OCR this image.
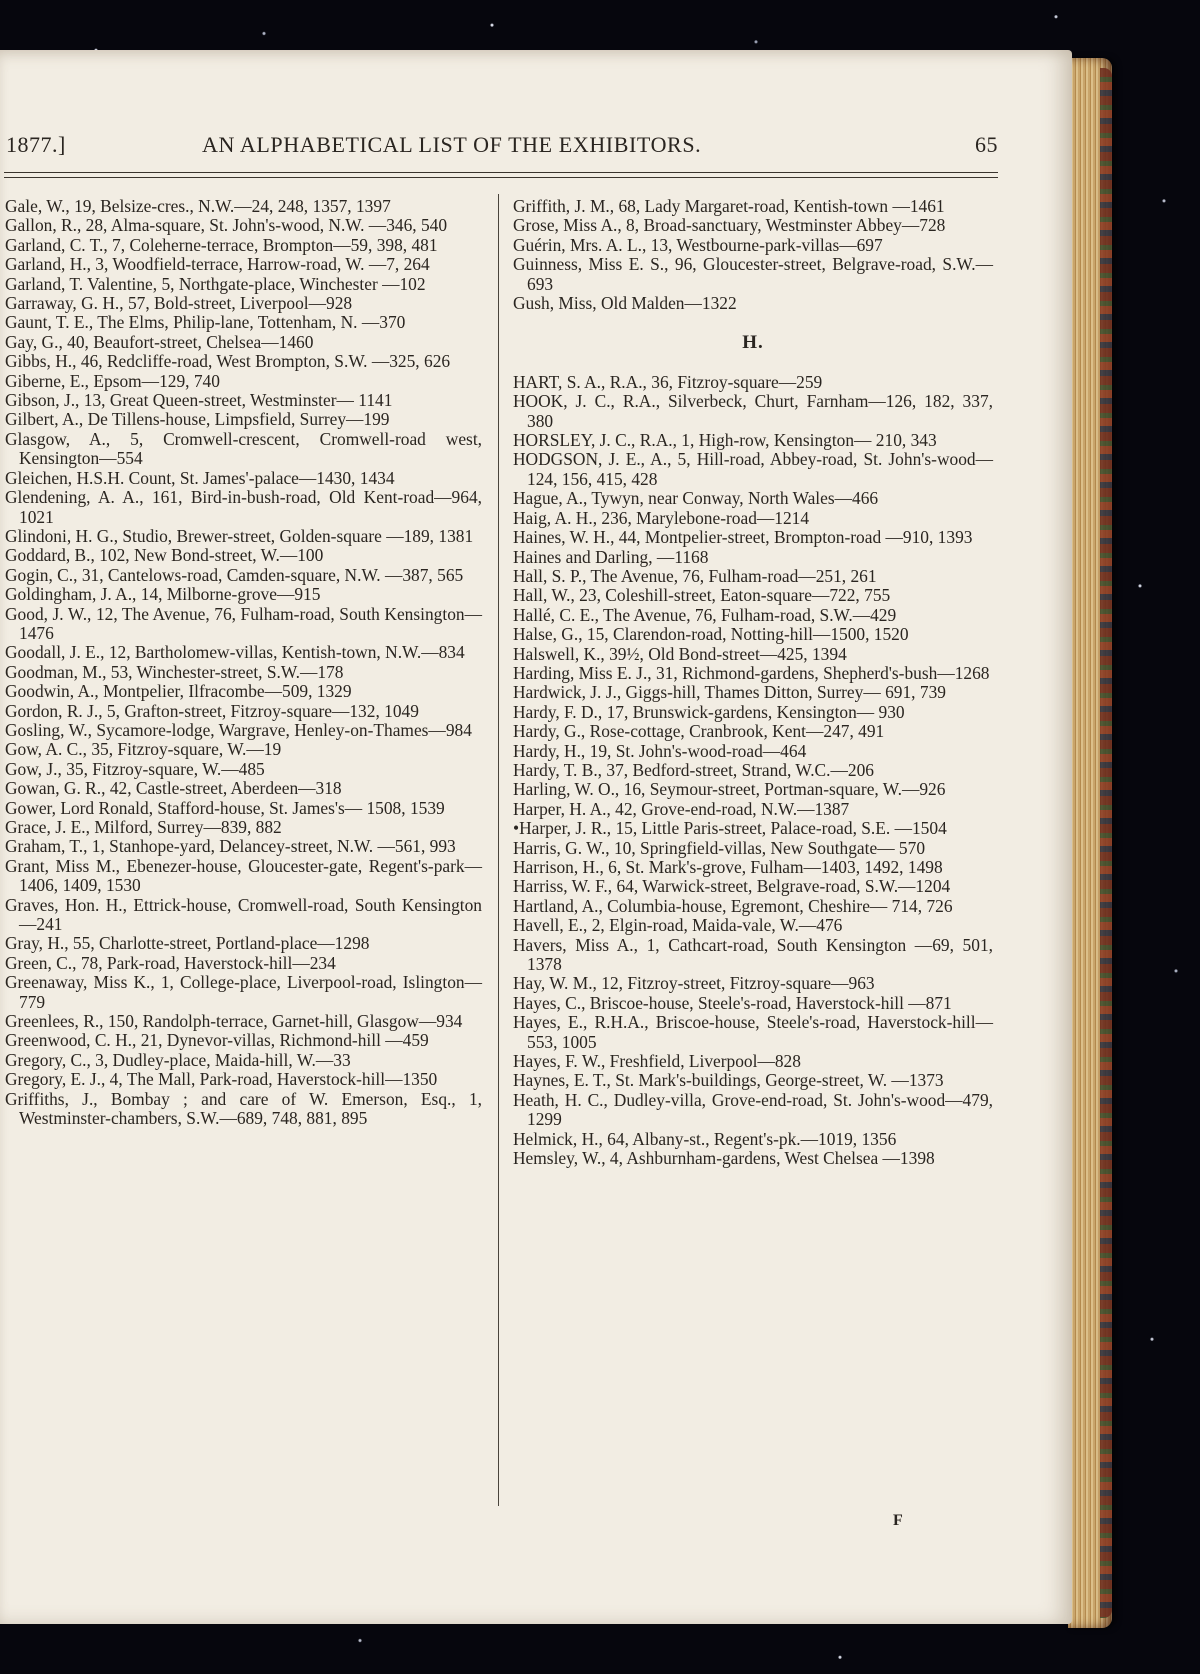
1877.]	AN ALPHABETICAL LIST OF THE EXHIBITORS.	65

Gale, W., 19, Belsize-cres., N.W.—24, 248, 1357, 1397

Gallon, R., 28, Alma-square, St. John's-wood, N.W. —346, 540

Garland, C. T., 7, Coleherne-terrace, Brompton—59, 398, 481

Garland, H., 3, Woodfield-terrace, Harrow-road, W. —7, 264

Garland, T. Valentine, 5, Northgate-place, Winchester —102

Garraway, G. H., 57, Bold-street, Liverpool—928

Gaunt, T. E., The Elms, Philip-lane, Tottenham, N. —370

Gay, G., 40, Beaufort-street, Chelsea—1460

Gibbs, H., 46, Redcliffe-road, West Brompton, S.W. —325, 626

Giberne, E., Epsom—129, 740

Gibson, J., 13, Great Queen-street, Westminster— 1141

Gilbert, A., De Tillens-house, Limpsfield, Surrey—199

Glasgow, A., 5, Cromwell-crescent, Cromwell-road west, Kensington—554

Gleichen, H.S.H. Count, St. James'-palace—1430, 1434

Glendening, A. A., 161, Bird-in-bush-road, Old Kent-road—964, 1021

Glindoni, H. G., Studio, Brewer-street, Golden-square —189, 1381

Goddard, B., 102, New Bond-street, W.—100

Gogin, C., 31, Cantelows-road, Camden-square, N.W. —387, 565

Goldingham, J. A., 14, Milborne-grove—915

Good, J. W., 12, The Avenue, 76, Fulham-road, South Kensington—1476

Goodall, J. E., 12, Bartholomew-villas, Kentish-town, N.W.—834

Goodman, M., 53, Winchester-street, S.W.—178

Goodwin, A., Montpelier, Ilfracombe—509, 1329

Gordon, R. J., 5, Grafton-street, Fitzroy-square—132, 1049

Gosling, W., Sycamore-lodge, Wargrave, Henley-on-Thames—984

Gow, A. C., 35, Fitzroy-square, W.—19

Gow, J., 35, Fitzroy-square, W.—485

Gowan, G. R., 42, Castle-street, Aberdeen—318

Gower, Lord Ronald, Stafford-house, St. James's— 1508, 1539

Grace, J. E., Milford, Surrey—839, 882

Graham, T., 1, Stanhope-yard, Delancey-street, N.W. —561, 993

Grant, Miss M., Ebenezer-house, Gloucester-gate, Regent's-park—1406, 1409, 1530

Graves, Hon. H., Ettrick-house, Cromwell-road, South Kensington—241

Gray, H., 55, Charlotte-street, Portland-place—1298

Green, C., 78, Park-road, Haverstock-hill—234

Greenaway, Miss K., 1, College-place, Liverpool-road, Islington—779

Greenlees, R., 150, Randolph-terrace, Garnet-hill, Glasgow—934

Greenwood, C. H., 21, Dynevor-villas, Richmond-hill —459

Gregory, C., 3, Dudley-place, Maida-hill, W.—33

Gregory, E. J., 4, The Mall, Park-road, Haverstock-hill—1350

Griffiths, J., Bombay ; and care of W. Emerson, Esq., 1, Westminster-chambers, S.W.—689, 748, 881, 895

Griffith, J. M., 68, Lady Margaret-road, Kentish-town —1461

Grose, Miss A., 8, Broad-sanctuary, Westminster Abbey—728

Guérin, Mrs. A. L., 13, Westbourne-park-villas—697

Guinness, Miss E. S., 96, Gloucester-street, Belgrave-road, S.W.—693

Gush, Miss, Old Malden—1322

H.

HART, S. A., R.A., 36, Fitzroy-square—259

HOOK, J. C., R.A., Silverbeck, Churt, Farnham—126, 182, 337, 380

HORSLEY, J. C., R.A., 1, High-row, Kensington— 210, 343

HODGSON, J. E., A., 5, Hill-road, Abbey-road, St. John's-wood—124, 156, 415, 428

Hague, A., Tywyn, near Conway, North Wales—466

Haig, A. H., 236, Marylebone-road—1214

Haines, W. H., 44, Montpelier-street, Brompton-road —910, 1393

Haines and Darling, —1168

Hall, S. P., The Avenue, 76, Fulham-road—251, 261

Hall, W., 23, Coleshill-street, Eaton-square—722, 755

Hallé, C. E., The Avenue, 76, Fulham-road, S.W.—429

Halse, G., 15, Clarendon-road, Notting-hill—1500, 1520

Halswell, K., 39½, Old Bond-street—425, 1394

Harding, Miss E. J., 31, Richmond-gardens, Shepherd's-bush—1268

Hardwick, J. J., Giggs-hill, Thames Ditton, Surrey— 691, 739

Hardy, F. D., 17, Brunswick-gardens, Kensington— 930

Hardy, G., Rose-cottage, Cranbrook, Kent—247, 491

Hardy, H., 19, St. John's-wood-road—464

Hardy, T. B., 37, Bedford-street, Strand, W.C.—206

Harling, W. O., 16, Seymour-street, Portman-square, W.—926

Harper, H. A., 42, Grove-end-road, N.W.—1387

•Harper, J. R., 15, Little Paris-street, Palace-road, S.E. —1504

Harris, G. W., 10, Springfield-villas, New Southgate— 570

Harrison, H., 6, St. Mark's-grove, Fulham—1403, 1492, 1498

Harriss, W. F., 64, Warwick-street, Belgrave-road, S.W.—1204

Hartland, A., Columbia-house, Egremont, Cheshire— 714, 726

Havell, E., 2, Elgin-road, Maida-vale, W.—476

Havers, Miss A., 1, Cathcart-road, South Kensington —69, 501, 1378

Hay, W. M., 12, Fitzroy-street, Fitzroy-square—963

Hayes, C., Briscoe-house, Steele's-road, Haverstock-hill —871

Hayes, E., R.H.A., Briscoe-house, Steele's-road, Haverstock-hill—553, 1005

Hayes, F. W., Freshfield, Liverpool—828

Haynes, E. T., St. Mark's-buildings, George-street, W. —1373

Heath, H. C., Dudley-villa, Grove-end-road, St. John's-wood—479, 1299

Helmick, H., 64, Albany-st., Regent's-pk.—1019, 1356

Hemsley, W., 4, Ashburnham-gardens, West Chelsea —1398

F
